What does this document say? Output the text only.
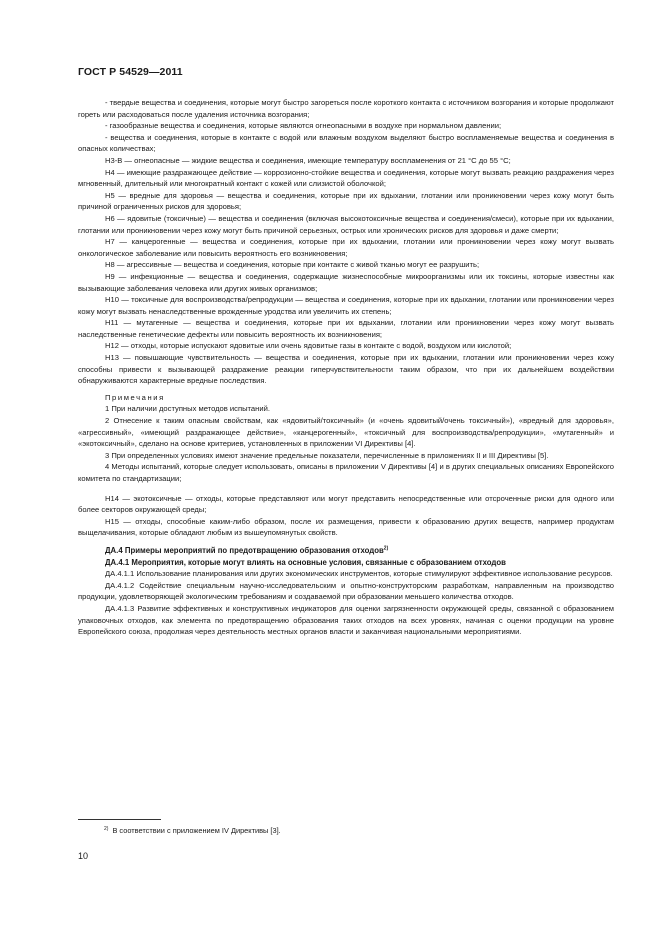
ГОСТ Р 54529—2011

- твердые вещества и соединения, которые могут быстро загореться после короткого контакта с источником возгорания и которые продолжают гореть или расходоваться после удаления источника возгорания;

- газообразные вещества и соединения, которые являются огнеопасными в воздухе при нормальном давлении;

- вещества и соединения, которые в контакте с водой или влажным воздухом выделяют быстро воспламеняемые вещества и соединения в опасных количествах;

H3-B — огнеопасные — жидкие вещества и соединения, имеющие температуру воспламенения от 21 °С до 55 °С;

H4 — имеющие раздражающее действие — коррозионно-стойкие вещества и соединения, которые могут вызвать реакцию раздражения через мгновенный, длительный или многократный контакт с кожей или слизистой оболочкой;

H5 — вредные для здоровья — вещества и соединения, которые при их вдыхании, глотании или проникновении через кожу могут быть причиной ограниченных рисков для здоровья;

H6 — ядовитые (токсичные) — вещества и соединения (включая высокотоксичные вещества и соединения/смеси), которые при их вдыхании, глотании или проникновении через кожу могут быть причиной серьезных, острых или хронических рисков для здоровья и даже смерти;

H7 — канцерогенные — вещества и соединения, которые при их вдыхании, глотании или проникновении через кожу могут вызвать онкологическое заболевание или повысить вероятность его возникновения;

H8 — агрессивные — вещества и соединения, которые при контакте с живой тканью могут ее разрушить;

H9 — инфекционные — вещества и соединения, содержащие жизнеспособные микроорганизмы или их токсины, которые известны как вызывающие заболевания человека или других живых организмов;

H10 — токсичные для воспроизводства/репродукции — вещества и соединения, которые при их вдыхании, глотании или проникновении через кожу могут вызвать ненаследственные врожденные уродства или увеличить их степень;

H11 — мутагенные — вещества и соединения, которые при их вдыхании, глотании или проникновении через кожу могут вызвать наследственные генетические дефекты или повысить вероятность их возникновения;

H12 — отходы, которые испускают ядовитые или очень ядовитые газы в контакте с водой, воздухом или кислотой;

H13 — повышающие чувствительность — вещества и соединения, которые при их вдыхании, глотании или проникновении через кожу способны привести к вызывающей раздражение реакции гиперчувствительности таким образом, что при их дальнейшем воздействии обнаруживаются характерные вредные последствия.

Примечания

1 При наличии доступных методов испытаний.

2 Отнесение к таким опасным свойствам, как «ядовитый/токсичный» (и «очень ядовитый/очень токсичный»), «вредный для здоровья», «агрессивный», «имеющий раздражающее действие», «канцерогенный», «токсичный для воспроизводства/репродукции», «мутагенный» и «экотоксичный», сделано на основе критериев, установленных в приложении VI Директивы [4].

3 При определенных условиях имеют значение предельные показатели, перечисленные в приложениях II и III Директивы [5].

4 Методы испытаний, которые следует использовать, описаны в приложении V Директивы [4] и в других специальных описаниях Европейского комитета по стандартизации;

H14 — экотоксичные — отходы, которые представляют или могут представить непосредственные или отсроченные риски для одного или более секторов окружающей среды;

H15 — отходы, способные каким-либо образом, после их размещения, привести к образованию других веществ, например продуктам выщелачивания, которые обладают любым из вышеупомянутых свойств.

ДА.4 Примеры мероприятий по предотвращению образования отходов$^{2)}$

ДА.4.1 Мероприятия, которые могут влиять на основные условия, связанные с образованием отходов

ДА.4.1.1 Использование планирования или других экономических инструментов, которые стимулируют эффективное использование ресурсов.

ДА.4.1.2 Содействие специальным научно-исследовательским и опытно-конструкторским разработкам, направленным на производство продукции, удовлетворяющей экологическим требованиям и создаваемой при образовании меньшего количества отходов.

ДА.4.1.3 Развитие эффективных и конструктивных индикаторов для оценки загрязненности окружающей среды, связанной с образованием упаковочных отходов, как элемента по предотвращению образования таких отходов на всех уровнях, начиная с оценки продукции на уровне Европейского союза, продолжая через деятельность местных органов власти и заканчивая национальными мероприятиями.

$^{2)}$ В соответствии с приложением IV Директивы [3].
10
